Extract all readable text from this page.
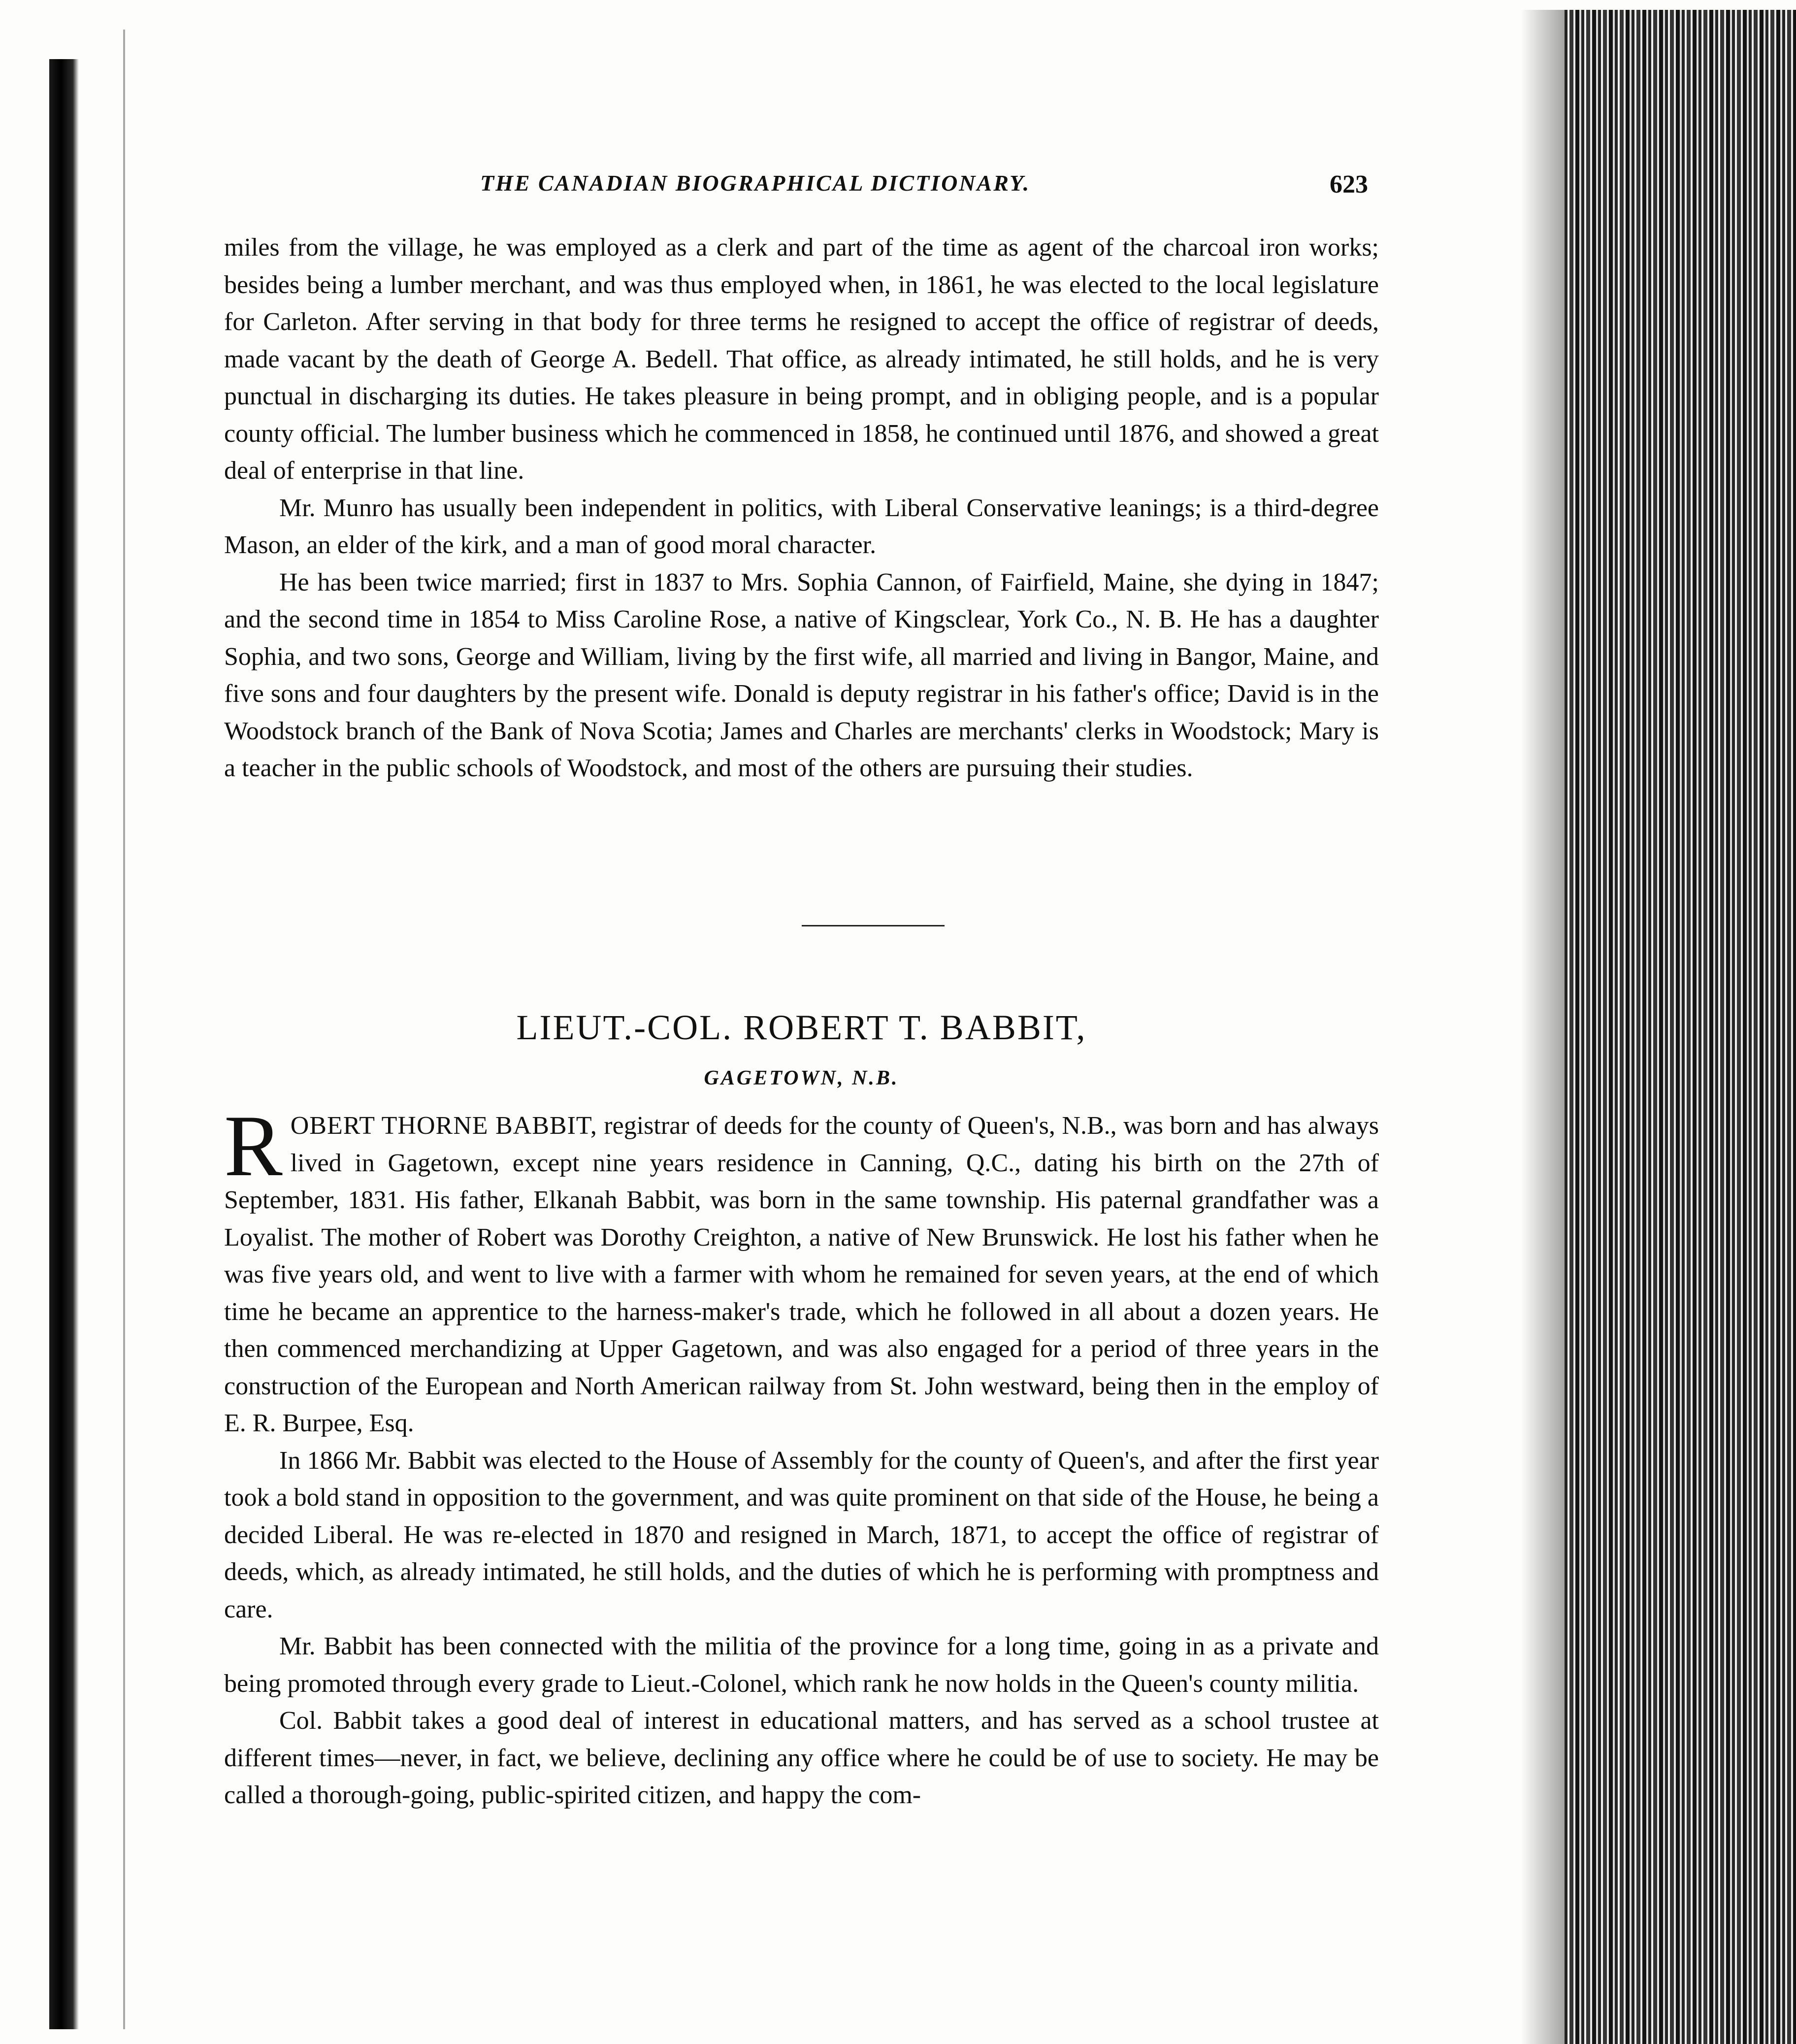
THE CANADIAN BIOGRAPHICAL DICTIONARY.	623

miles from the village, he was employed as a clerk and part of the time as agent of the charcoal iron works; besides being a lumber merchant, and was thus employed when, in 1861, he was elected to the local legislature for Carleton. After serving in that body for three terms he resigned to accept the office of registrar of deeds, made vacant by the death of George A. Bedell. That office, as already intimated, he still holds, and he is very punctual in discharging its duties. He takes pleasure in being prompt, and in obliging people, and is a popular county official. The lumber business which he commenced in 1858, he continued until 1876, and showed a great deal of enterprise in that line.

Mr. Munro has usually been independent in politics, with Liberal Conservative leanings; is a third-degree Mason, an elder of the kirk, and a man of good moral character.

He has been twice married; first in 1837 to Mrs. Sophia Cannon, of Fairfield, Maine, she dying in 1847; and the second time in 1854 to Miss Caroline Rose, a native of Kingsclear, York Co., N. B. He has a daughter Sophia, and two sons, George and William, living by the first wife, all married and living in Bangor, Maine, and five sons and four daughters by the present wife. Donald is deputy registrar in his father's office; David is in the Woodstock branch of the Bank of Nova Scotia; James and Charles are merchants' clerks in Woodstock; Mary is a teacher in the public schools of Woodstock, and most of the others are pursuing their studies.

LIEUT.-COL. ROBERT T. BABBIT,
GAGETOWN, N.B.

ROBERT THORNE BABBIT, registrar of deeds for the county of Queen's, N.B., was born and has always lived in Gagetown, except nine years residence in Canning, Q.C., dating his birth on the 27th of September, 1831. His father, Elkanah Babbit, was born in the same township. His paternal grandfather was a Loyalist. The mother of Robert was Dorothy Creighton, a native of New Brunswick. He lost his father when he was five years old, and went to live with a farmer with whom he remained for seven years, at the end of which time he became an apprentice to the harness-maker's trade, which he followed in all about a dozen years. He then commenced merchandizing at Upper Gagetown, and was also engaged for a period of three years in the construction of the European and North American railway from St. John westward, being then in the employ of E. R. Burpee, Esq.

In 1866 Mr. Babbit was elected to the House of Assembly for the county of Queen's, and after the first year took a bold stand in opposition to the government, and was quite prominent on that side of the House, he being a decided Liberal. He was re-elected in 1870 and resigned in March, 1871, to accept the office of registrar of deeds, which, as already intimated, he still holds, and the duties of which he is performing with promptness and care.

Mr. Babbit has been connected with the militia of the province for a long time, going in as a private and being promoted through every grade to Lieut.-Colonel, which rank he now holds in the Queen's county militia.

Col. Babbit takes a good deal of interest in educational matters, and has served as a school trustee at different times—never, in fact, we believe, declining any office where he could be of use to society. He may be called a thorough-going, public-spirited citizen, and happy the com-
